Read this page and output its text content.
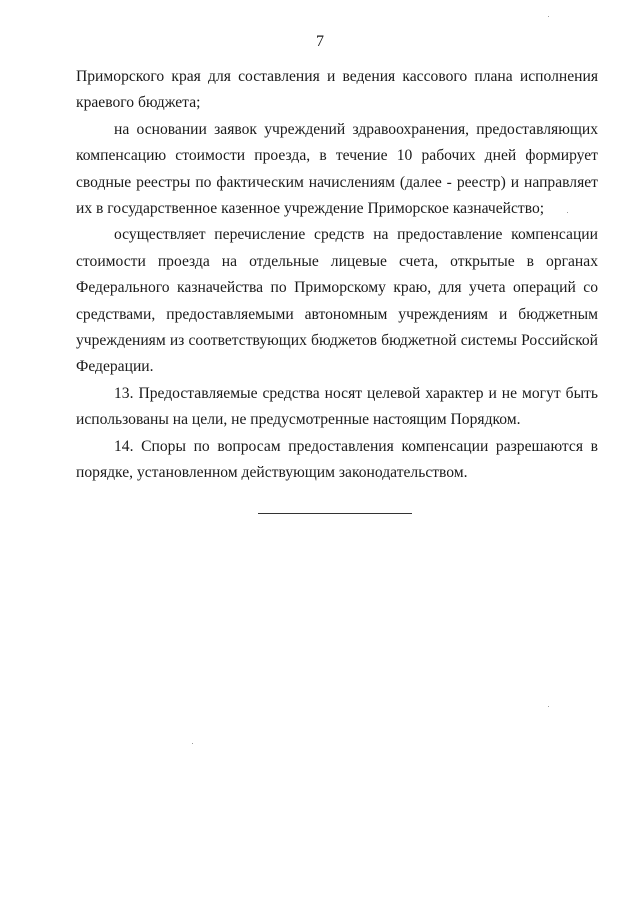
7

Приморского края для составления и ведения кассового плана исполнения краевого бюджета;

на основании заявок учреждений здравоохранения, предоставляющих компенсацию стоимости проезда, в течение 10 рабочих дней формирует сводные реестры по фактическим начислениям (далее - реестр) и направляет их в государственное казенное учреждение Приморское казначейство;

осуществляет перечисление средств на предоставление компенсации стоимости проезда на отдельные лицевые счета, открытые в органах Федерального казначейства по Приморскому краю, для учета операций со средствами, предоставляемыми автономным учреждениям и бюджетным учреждениям из соответствующих бюджетов бюджетной системы Российской Федерации.

13. Предоставляемые средства носят целевой характер и не могут быть использованы на цели, не предусмотренные настоящим Порядком.

14. Споры по вопросам предоставления компенсации разрешаются в порядке, установленном действующим законодательством.
